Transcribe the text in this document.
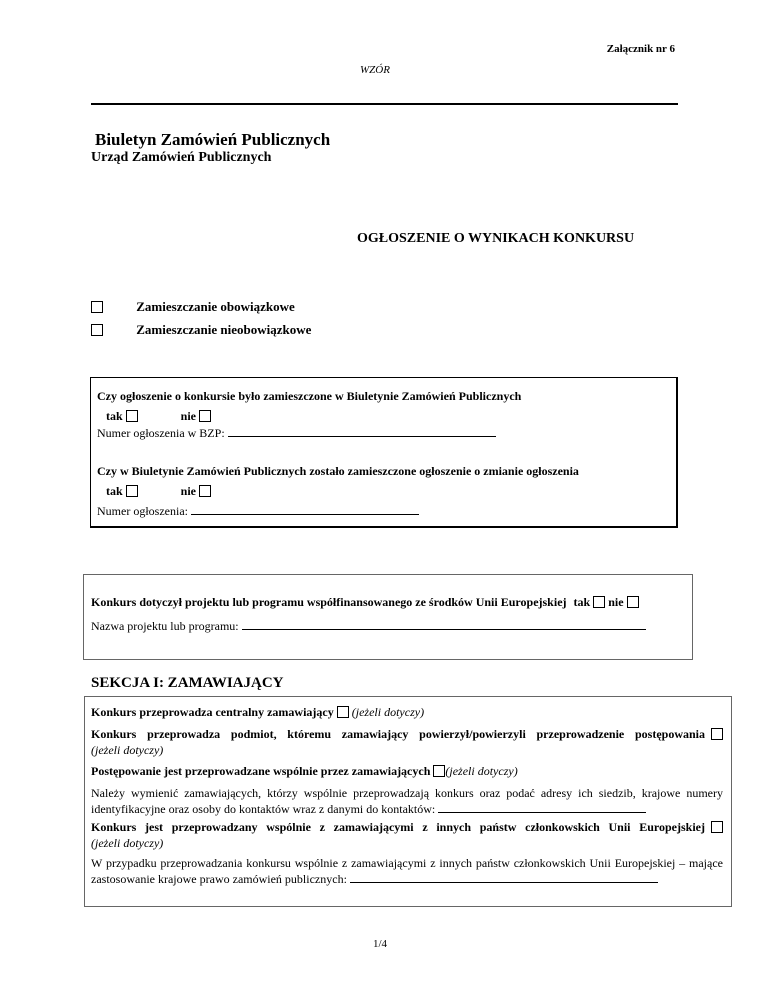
Załącznik nr 6
WZÓR
Biuletyn Zamówień Publicznych
Urząd Zamówień Publicznych
OGŁOSZENIE O WYNIKACH KONKURSU
Zamieszczanie obowiązkowe
Zamieszczanie nieobowiązkowe
Czy ogłoszenie o konkursie było zamieszczone w Biuletynie Zamówień Publicznych
tak	nie
Numer ogłoszenia w BZP:
Czy w Biuletynie Zamówień Publicznych zostało zamieszczone ogłoszenie o zmianie ogłoszenia
tak	nie
Numer ogłoszenia:
Konkurs dotyczył projektu lub programu współfinansowanego ze środków Unii Europejskiej tak nie
Nazwa projektu lub programu:
SEKCJA I: ZAMAWIAJĄCY
Konkurs przeprowadza centralny zamawiający (jeżeli dotyczy)
Konkurs przeprowadza podmiot, któremu zamawiający powierzył/powierzyli przeprowadzenie postępowania
(jeżeli dotyczy)
Postępowanie jest przeprowadzane wspólnie przez zamawiających (jeżeli dotyczy)
Należy wymienić zamawiających, którzy wspólnie przeprowadzają konkurs oraz podać adresy ich siedzib, krajowe numery identyfikacyjne oraz osoby do kontaktów wraz z danymi do kontaktów:
Konkurs jest przeprowadzany wspólnie z zamawiającymi z innych państw członkowskich Unii Europejskiej
(jeżeli dotyczy)
W przypadku przeprowadzania konkursu wspólnie z zamawiającymi z innych państw członkowskich Unii Europejskiej – mające zastosowanie krajowe prawo zamówień publicznych:
1/4
